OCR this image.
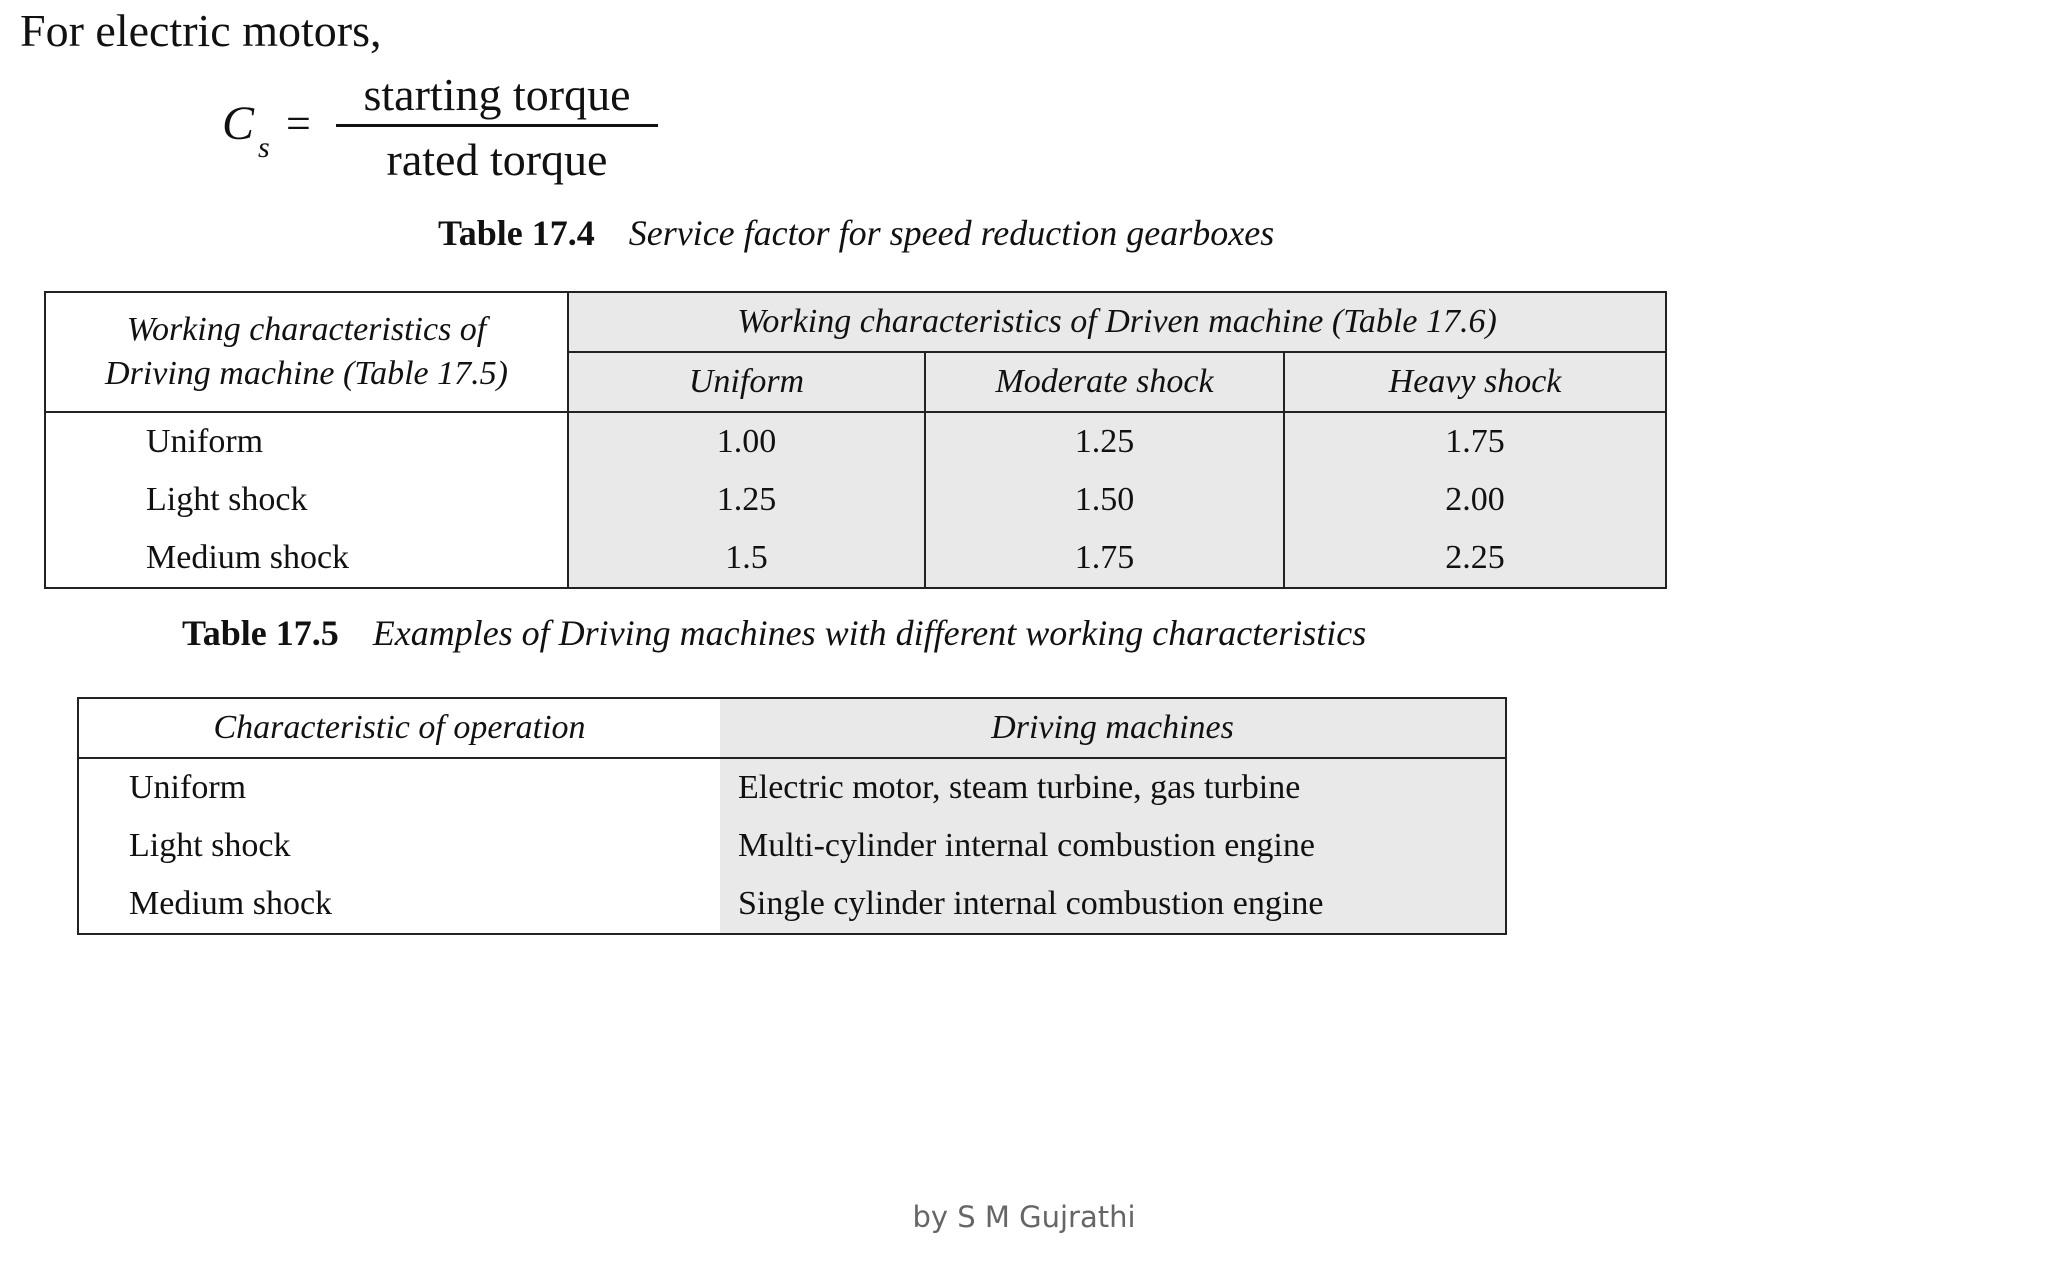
For electric motors,
C s =
starting torque
rated torque
Table 17.4 Service factor for speed reduction gearboxes
Working characteristics of
Driving machine (Table 17.5)	Working characteristics of Driven machine (Table 17.6)		
	Uniform	Moderate shock	Heavy shock
Uniform	1.00	1.25	1.75
Light shock	1.25	1.50	2.00
Medium shock	1.5	1.75	2.25
Table 17.5 Examples of Driving machines with different working characteristics
Characteristic of operation	Driving machines
Uniform	Electric motor, steam turbine, gas turbine
Light shock	Multi-cylinder internal combustion engine
Medium shock	Single cylinder internal combustion engine
by S M Gujrathi
